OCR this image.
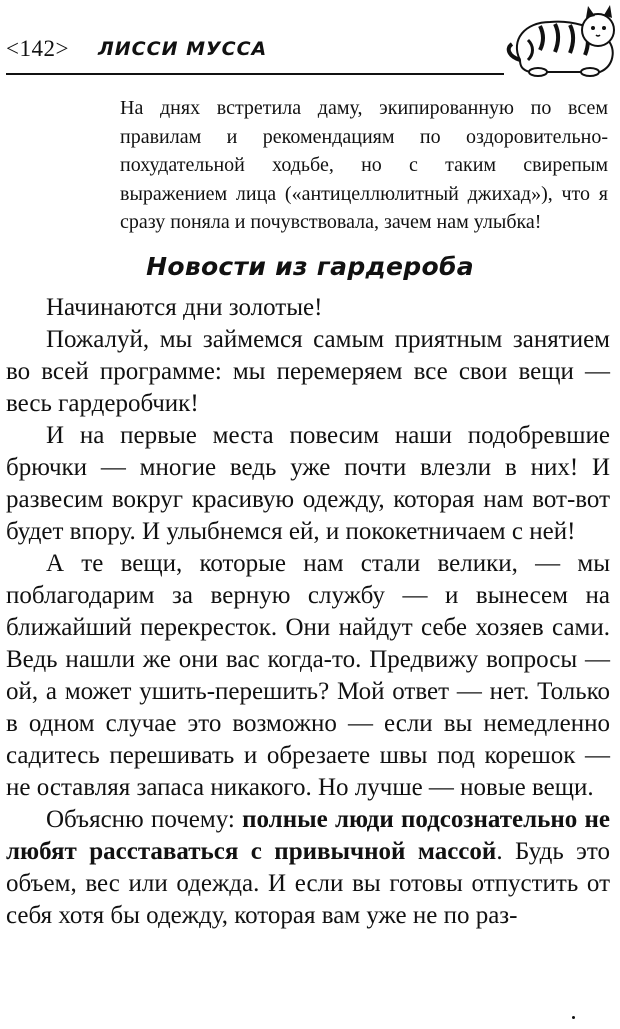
<142> ЛИССИ МУССА

На днях встретила даму, экипированную по всем правилам и рекомендациям по оздоровительно-похудательной ходьбе, но с таким свирепым выражением лица («антицеллюлитный джихад»), что я сразу поняла и почувствовала, зачем нам улыбка!

Новости из гардероба

Начинаются дни золотые!

Пожалуй, мы займемся самым приятным занятием во всей программе: мы перемеряем все свои вещи — весь гардеробчик!

И на первые места повесим наши подобревшие брючки — многие ведь уже почти влезли в них! И развесим вокруг красивую одежду, которая нам вот-вот будет впору. И улыбнемся ей, и пококетничаем с ней!

А те вещи, которые нам стали велики, — мы поблагодарим за верную службу — и вынесем на ближайший перекресток. Они найдут себе хозяев сами. Ведь нашли же они вас когда-то. Предвижу вопросы — ой, а может ушить-перешить? Мой ответ — нет. Только в одном случае это возможно — если вы немедленно садитесь перешивать и обрезаете швы под корешок — не оставляя запаса никакого. Но лучше — новые вещи.

Объясню почему: полные люди подсознательно не любят расставаться с привычной массой. Будь это объем, вес или одежда. И если вы готовы отпустить от себя хотя бы одежду, которая вам уже не по раз-
